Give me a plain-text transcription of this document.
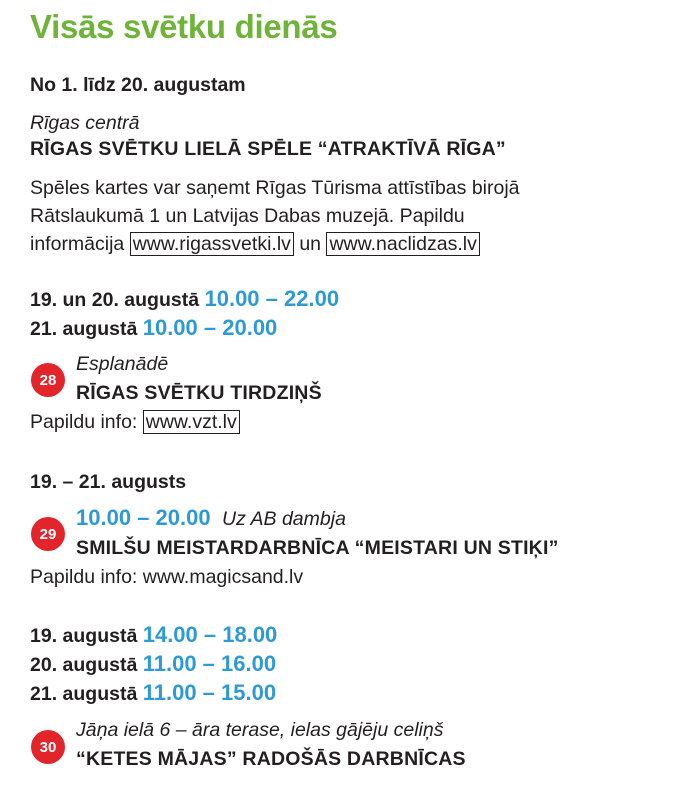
Visās svētku dienās
No 1. līdz 20. augustam
Rīgas centrā
RĪGAS SVĒTKU LIELĀ SPĒLE “ATRAKTĪVĀ RĪGA”
Spēles kartes var saņemt Rīgas Tūrisma attīstības birojā
Rātslaukumā 1 un Latvijas Dabas muzejā. Papildu
informācija www.rigassvetki.lv un www.naclidzas.lv
19. un 20. augustā 10.00 – 22.00
21. augustā 10.00 – 20.00
28
Esplanādē
RĪGAS SVĒTKU TIRDZIŅŠ
Papildu info: www.vzt.lv
19. – 21. augusts
29
10.00 – 20.00 Uz AB dambja
SMILŠU MEISTARDARBNĪCA “MEISTARI UN STIĶI”
Papildu info: www.magicsand.lv
19. augustā 14.00 – 18.00
20. augustā 11.00 – 16.00
21. augustā 11.00 – 15.00
30
Jāņa ielā 6 – āra terase, ielas gājēju celiņš
“KETES MĀJAS” RADOŠĀS DARBNĪCAS
